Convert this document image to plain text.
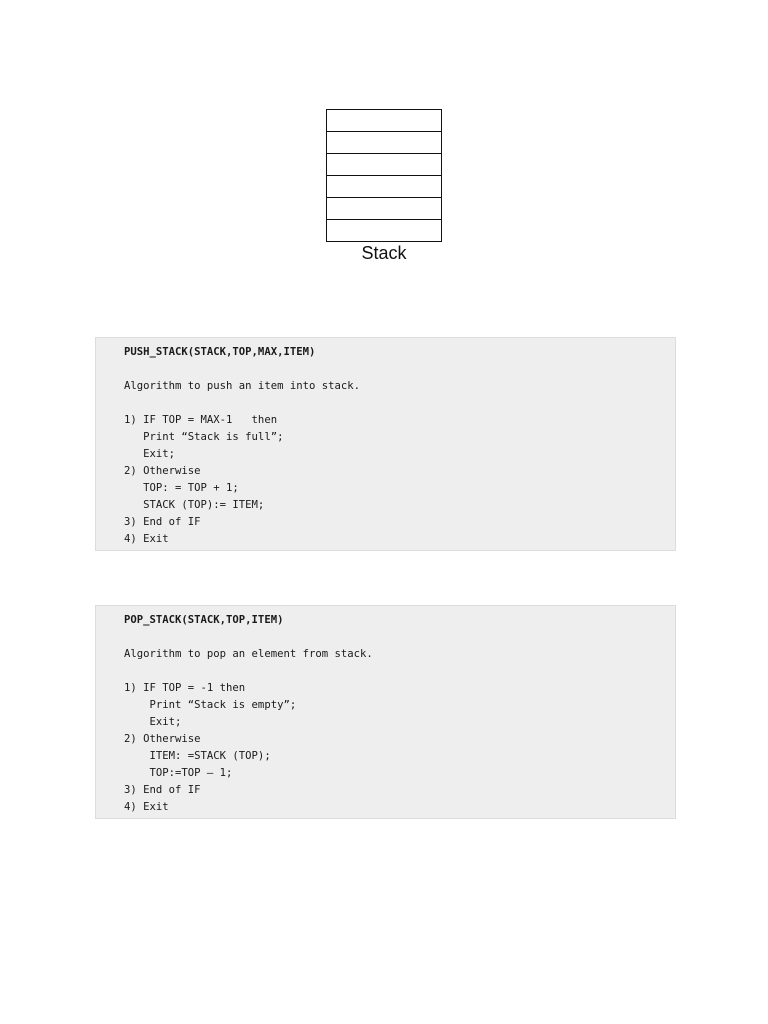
Stack
PUSH_STACK(STACK,TOP,MAX,ITEM)
Algorithm to push an item into stack.
1) IF TOP = MAX-1   then
Print “Stack is full”;
Exit;
2) Otherwise
TOP: = TOP + 1;
STACK (TOP):= ITEM;
3) End of IF
4) Exit
POP_STACK(STACK,TOP,ITEM)
Algorithm to pop an element from stack.
1) IF TOP = -1 then
Print “Stack is empty”;
Exit;
2) Otherwise
ITEM: =STACK (TOP);
TOP:=TOP – 1;
3) End of IF
4) Exit
